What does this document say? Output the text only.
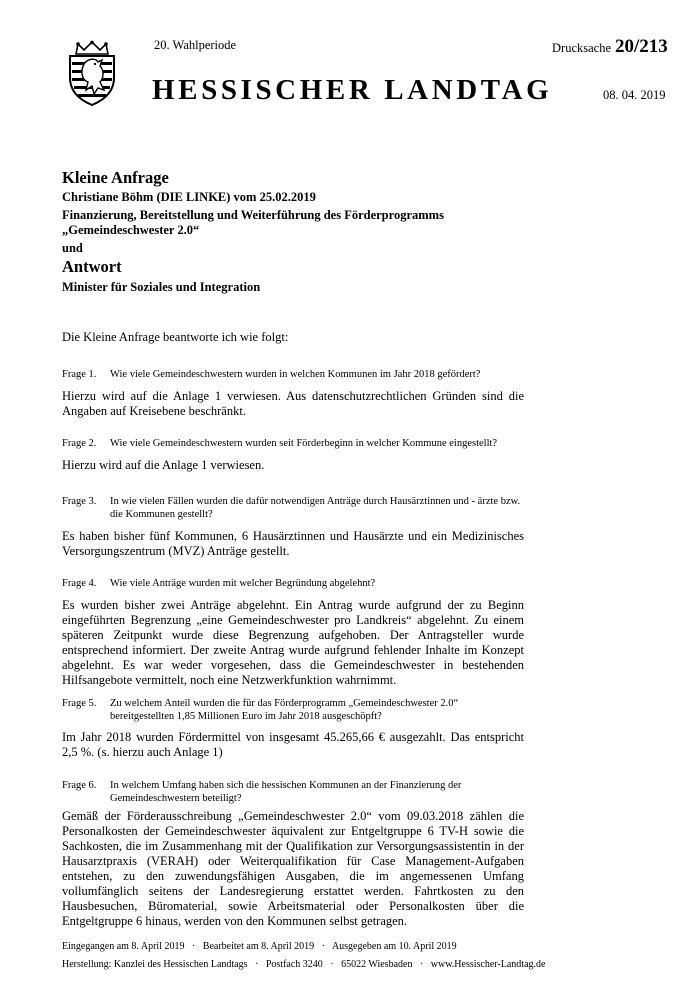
20. Wahlperiode	Drucksache 20/213
HESSISCHER LANDTAG	08. 04. 2019
Kleine Anfrage
Christiane Böhm (DIE LINKE) vom 25.02.2019
Finanzierung, Bereitstellung und Weiterführung des Förderprogramms
„Gemeindeschwester 2.0“
und
Antwort
Minister für Soziales und Integration
Die Kleine Anfrage beantworte ich wie folgt:
Frage 1.	Wie viele Gemeindeschwestern wurden in welchen Kommunen im Jahr 2018 gefördert?
Hierzu wird auf die Anlage 1 verwiesen. Aus datenschutzrechtlichen Gründen sind die Angaben auf Kreisebene beschränkt.
Frage 2.	Wie viele Gemeindeschwestern wurden seit Förderbeginn in welcher Kommune eingestellt?
Hierzu wird auf die Anlage 1 verwiesen.
Frage 3.	In wie vielen Fällen wurden die dafür notwendigen Anträge durch Hausärztinnen und - ärzte bzw. die Kommunen gestellt?
Es haben bisher fünf Kommunen, 6 Hausärztinnen und Hausärzte und ein Medizinisches Versorgungszentrum (MVZ) Anträge gestellt.
Frage 4.	Wie viele Anträge wurden mit welcher Begründung abgelehnt?
Es wurden bisher zwei Anträge abgelehnt. Ein Antrag wurde aufgrund der zu Beginn eingeführten Begrenzung „eine Gemeindeschwester pro Landkreis“ abgelehnt. Zu einem späteren Zeitpunkt wurde diese Begrenzung aufgehoben. Der Antragsteller wurde entsprechend informiert. Der zweite Antrag wurde aufgrund fehlender Inhalte im Konzept abgelehnt. Es war weder vorgesehen, dass die Gemeindeschwester in bestehenden Hilfsangebote vermittelt, noch eine Netzwerkfunktion wahrnimmt.
Frage 5.	Zu welchem Anteil wurden die für das Förderprogramm „Gemeindeschwester 2.0“ bereitgestellten 1,85 Millionen Euro im Jahr 2018 ausgeschöpft?
Im Jahr 2018 wurden Fördermittel von insgesamt 45.265,66 € ausgezahlt. Das entspricht 2,5 %. (s. hierzu auch Anlage 1)
Frage 6.	In welchem Umfang haben sich die hessischen Kommunen an der Finanzierung der Gemeindeschwestern beteiligt?
Gemäß der Förderausschreibung „Gemeindeschwester 2.0“ vom 09.03.2018 zählen die Personalkosten der Gemeindeschwester äquivalent zur Entgeltgruppe 6 TV-H sowie die Sachkosten, die im Zusammenhang mit der Qualifikation zur Versorgungsassistentin in der Hausarztpraxis (VERAH) oder Weiterqualifikation für Case Management-Aufgaben entstehen, zu den zuwendungsfähigen Ausgaben, die im angemessenen Umfang vollumfänglich seitens der Landesregierung erstattet werden. Fahrtkosten zu den Hausbesuchen, Büromaterial, sowie Arbeitsmaterial oder Personalkosten über die Entgeltgruppe 6 hinaus, werden von den Kommunen selbst getragen.
Eingegangen am 8. April 2019   ·   Bearbeitet am 8. April 2019   ·   Ausgegeben am 10. April 2019
Herstellung: Kanzlei des Hessischen Landtags   ·   Postfach 3240   ·   65022 Wiesbaden   ·   www.Hessischer-Landtag.de
